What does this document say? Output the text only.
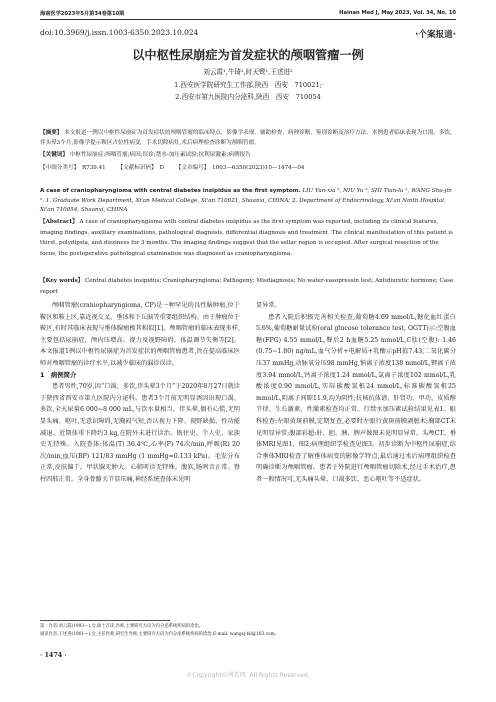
海南医学2023年5月第34卷第10期	Hainan Med J, May 2023, Vol. 34, No. 10
doi:10.3969/j.issn.1003-6350.2023.10.024	·个案报道·
以中枢性尿崩症为首发症状的颅咽管瘤一例
刘云霞¹,牛琦²,时天鹭¹,王述进²
1.西安医学院研究生工作部,陕西　西安　710021;
2.西安市第九医院内分泌科,陕西　西安　710054
【摘要】 本文报道一例以中枢性尿崩症为首发症状的颅咽管瘤的临床特点、影像学表现、辅助检查、病理诊断、鉴别诊断及治疗方法。本例患者临床表现为口渴、多饮,伴头晕3个月,影像学提示鞍区占位性病变。手术切除病灶,术后病理检查诊断为颅咽管瘤。
【关键词】 中枢性尿崩症;颅咽管瘤;病因;误诊;禁水-加压素试验;抗利尿激素;病例报告
【中图分类号】　R739.41 【文献标识码】　D 【文章编号】　1003—6350(2023)10—1474—04
A case of craniopharyngioma with central diabetes insipidus as the first symptom. LIU Yun-xia ¹, NIU Yu ², SHI Tian-lu ¹, WANG Shu-jin ². 1. Graduate Work Department, Xi'an Medical College, Xi'an 710021, Shaanxi, CHINA; 2. Department of Endocrinology, Xi'an Ninth Hospital, Xi'an 710054, Shaanxi, CHINA
【Abstract】 A case of craniopharyngioma with central diabetes insipidus as the first symptom was reported, including its clinical features, imaging findings, auxiliary examinations, pathological diagnosis, differential diagnosis and treatment. The clinical manifestation of this patient is thirst, polydipsia, and dizziness for 3 months. The imaging findings suggest that the sellar region is occupied. After surgical resection of the focus, the postoperative pathological examination was diagnosed as craniopharyngioma.
【Key words】 Central diabetes insipidus; Craniopharyngioma; Pathogeny; Misdiagnosis; No water-vasopressin test; Antidiuretic hormone; Case report

颅咽管瘤(craniopharyngioma, CP)是一种罕见的良性脑肿瘤,位于鞍区和鞍上区,靠近视交叉、垂体和下丘脑等重要组织结构。由于肿瘤位于鞍区,有时其临床表现与垂体腺瘤极其相似[1]。颅咽管瘤的临床表现多样,主要包括尿崩症、颅内压增高、视力及视野障碍、体温调节失衡等[2]。本文报道1例以中枢性尿崩症为首发症状的颅咽管瘤患者,旨在提高临床医师对颅咽管瘤的诊疗水平,以减少临床的漏诊误诊。

1　病例简介

患者男性,70岁,因“口渴、多饮,伴头晕3个月”于2020年8月27日就诊于陕西省西安市第九医院内分泌科。患者3个月前无明显诱因出现口渴、多饮,全天尿量6 000~8 000 mL,与饮水量相当。伴头晕,偶有心慌,无明显头痛、呕吐,无意识障碍,无胸闷气短,否认视力下降、视野缺损、性功能减退。近期体重下降约3 kg,在院外未进行诊治。既往史、个人史、家族史无特殊。入院查体:体温(T) 36.4℃,心率(P) 74次/min,呼吸(R) 20次/min,血压(BP) 121/83 mmHg (1 mmHg=0.133 kPa)。毛发分布正常,皮肤偏干。甲状腺无肿大。心肺听诊无特殊。腹软,肠鸣音正常。脊柱四肢正常。全身骨骼关节显压痛,神经系统查体未见明

显异常。

患者入院后积极完善相关检查,葡萄糖4.69 mmol/L,糖化血红蛋白5.6%,葡萄糖耐量试验(oral glucose tolerance test, OGTT)示:空腹血糖(FPG) 4.55 mmol/L,餐后2 h血糖5.25 mmol/L,C肽(空腹): 1.46 (0.75~1.80) ng/mL,血气分析+电解质+乳酸示pH值7.43,二氧化碳分压37 mmHg,动脉氧分压98 mmHg,钠离子浓度138 mmol/L,钾离子浓度3.94 mmol/L,钙离子浓度1.24 mmol/L,氯离子浓度102 mmol/L,乳酸浓度0.90 mmol/L,实际碳酸氢根24 mmol/L,标准碳酸氢根25 mmol/L,阴离子间隙11.9,均为阴性;抗核抗体谱、肝肾功、甲功、皮质醇节律、生长激素、性激素检查均正常。行禁水加压素试验结果见表1。眼科检查:左眼黄斑前膜,定期复查,必要时左眼行黄斑前膜剥脱术;胸部CT未见明显异常;腹部彩超:肝、胆、胰、脾声像图未见明显异常。头颅CT、垂体MRI见图1、图2;病理组织学检查见图3。初步诊断为中枢性尿崩症,结合垂体MRI检查了解垂体病变的影像学特点,最后通过术后病理组织检查明确诊断为颅咽管瘤。患者于外院进行颅咽管瘤切除术,经过手术治疗,患者一般情况可,无头痛头晕、口渴多饮、恶心呕吐等不适症状。

第一作者:刘云霞(1993—),女,硕士在读,医师,主要研究方向为内分泌系统疾病的诊治。
通讯作者:王述进(1961—),女,主任医师,研究生导师,主要研究方向为内分泌系统疾病的诊治,E-mail: wangsj-fsl@163.com。
· 1474 ·
©Copyright©博看网. All Rights Reserved.
